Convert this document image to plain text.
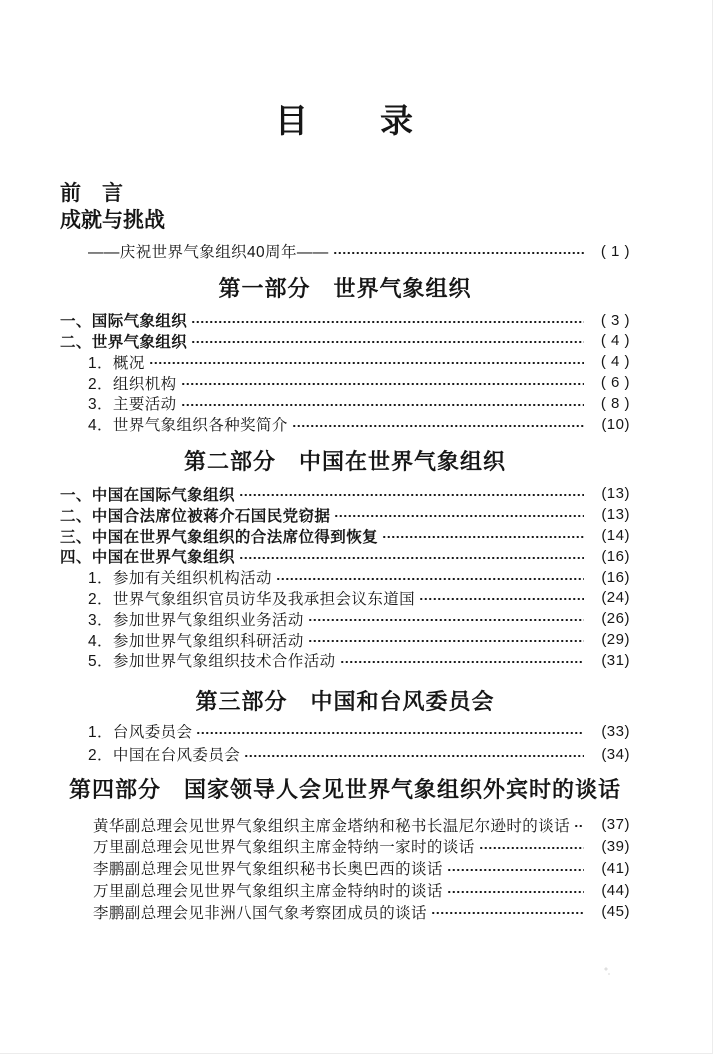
目　　录
前　言
成就与挑战
——庆祝世界气象组织40周年——	( 1 )
第一部分　世界气象组织
一、国际气象组织	( 3 )
二、世界气象组织	( 4 )
1．概况	( 4 )
2．组织机构	( 6 )
3．主要活动	( 8 )
4．世界气象组织各种奖简介	(10)
第二部分　中国在世界气象组织
一、中国在国际气象组织	(13)
二、中国合法席位被蒋介石国民党窃据	(13)
三、中国在世界气象组织的合法席位得到恢复	(14)
四、中国在世界气象组织	(16)
1．参加有关组织机构活动	(16)
2．世界气象组织官员访华及我承担会议东道国	(24)
3．参加世界气象组织业务活动	(26)
4．参加世界气象组织科研活动	(29)
5．参加世界气象组织技术合作活动	(31)
第三部分　中国和台风委员会
1．台风委员会	(33)
2．中国在台风委员会	(34)
第四部分　国家领导人会见世界气象组织外宾时的谈话
黄华副总理会见世界气象组织主席金塔纳和秘书长温尼尔逊时的谈话	(37)
万里副总理会见世界气象组织主席金特纳一家时的谈话	(39)
李鹏副总理会见世界气象组织秘书长奥巴西的谈话	(41)
万里副总理会见世界气象组织主席金特纳时的谈话	(44)
李鹏副总理会见非洲八国气象考察团成员的谈话	(45)
